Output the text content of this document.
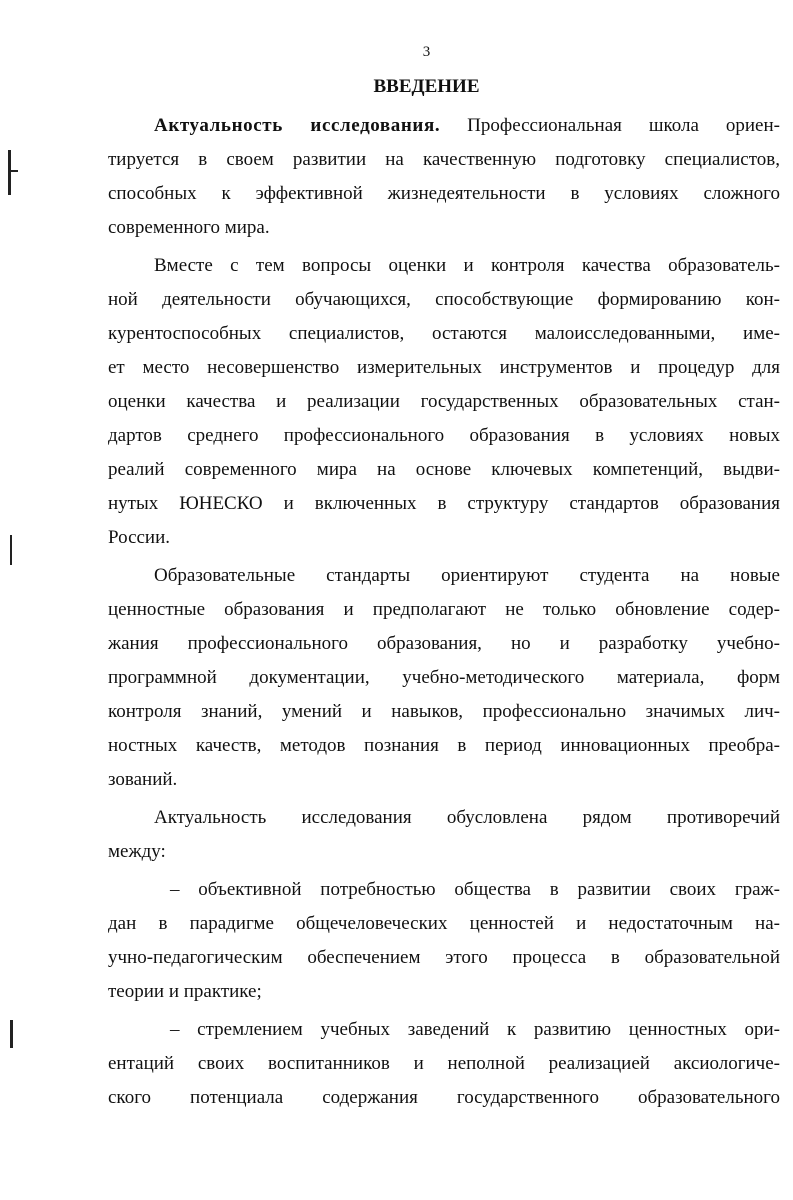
3
ВВЕДЕНИЕ
Актуальность исследования. Профессиональная школа ориен-
тируется в своем развитии на качественную подготовку специалистов,
способных к эффективной жизнедеятельности в условиях сложного
современного мира.
Вместе с тем вопросы оценки и контроля качества образователь-
ной деятельности обучающихся, способствующие формированию кон-
курентоспособных специалистов, остаются малоисследованными, име-
ет место несовершенство измерительных инструментов и процедур для
оценки качества и реализации государственных образовательных стан-
дартов среднего профессионального образования в условиях новых
реалий современного мира на основе ключевых компетенций, выдви-
нутых ЮНЕСКО и включенных в структуру стандартов образования
России.
Образовательные стандарты ориентируют студента на новые
ценностные образования и предполагают не только обновление содер-
жания профессионального образования, но и разработку учебно-
программной документации, учебно-методического материала, форм
контроля знаний, умений и навыков, профессионально значимых лич-
ностных качеств, методов познания в период инновационных преобра-
зований.
Актуальность исследования обусловлена рядом противоречий
между:
– объективной потребностью общества в развитии своих граж-
дан в парадигме общечеловеческих ценностей и недостаточным на-
учно-педагогическим обеспечением этого процесса в образовательной
теории и практике;
– стремлением учебных заведений к развитию ценностных ори-
ентаций своих воспитанников и неполной реализацией аксиологиче-
ского потенциала содержания государственного образовательного
